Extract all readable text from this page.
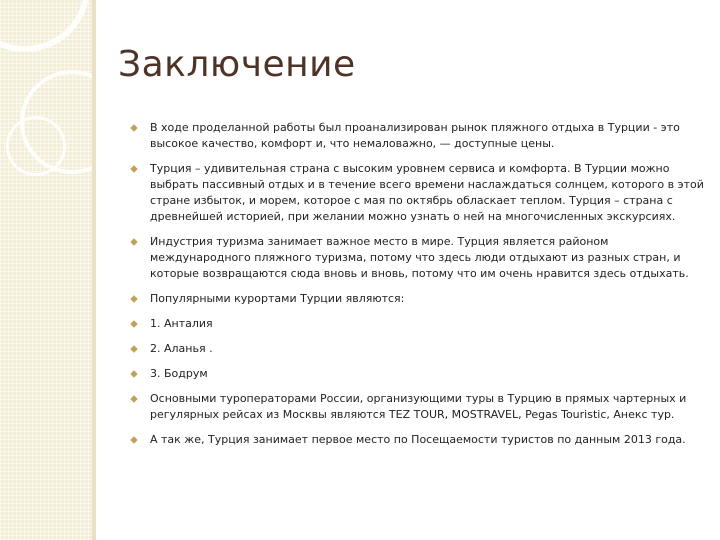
Заключение
В ходе проделанной работы был проанализирован рынок пляжного отдыха в Турции - это высокое качество, комфорт и, что немаловажно, — доступные цены.
Турция – удивительная страна с высоким уровнем сервиса и комфорта. В Турции можно выбрать пассивный отдых и в течение всего времени наслаждаться солнцем, которого в этой стране избыток, и морем, которое с мая по октябрь обласкает теплом. Турция – страна с древнейшей историей, при желании можно узнать о ней на многочисленных экскурсиях.
Индустрия туризма занимает важное место в мире. Турция является районом международного пляжного туризма, потому что здесь люди отдыхают из разных стран, и которые возвращаются сюда вновь и вновь, потому что им очень нравится здесь отдыхать.
Популярными курортами Турции являются:
1. Анталия
2. Аланья .
3. Бодрум
Основными туроператорами России, организующими туры в Турцию в прямых чартерных и регулярных рейсах из Москвы являются TEZ TOUR, MOSTRAVEL, Pegas Touristic, Анекс тур.
А так же, Турция занимает первое место по Посещаемости туристов по данным 2013 года.
